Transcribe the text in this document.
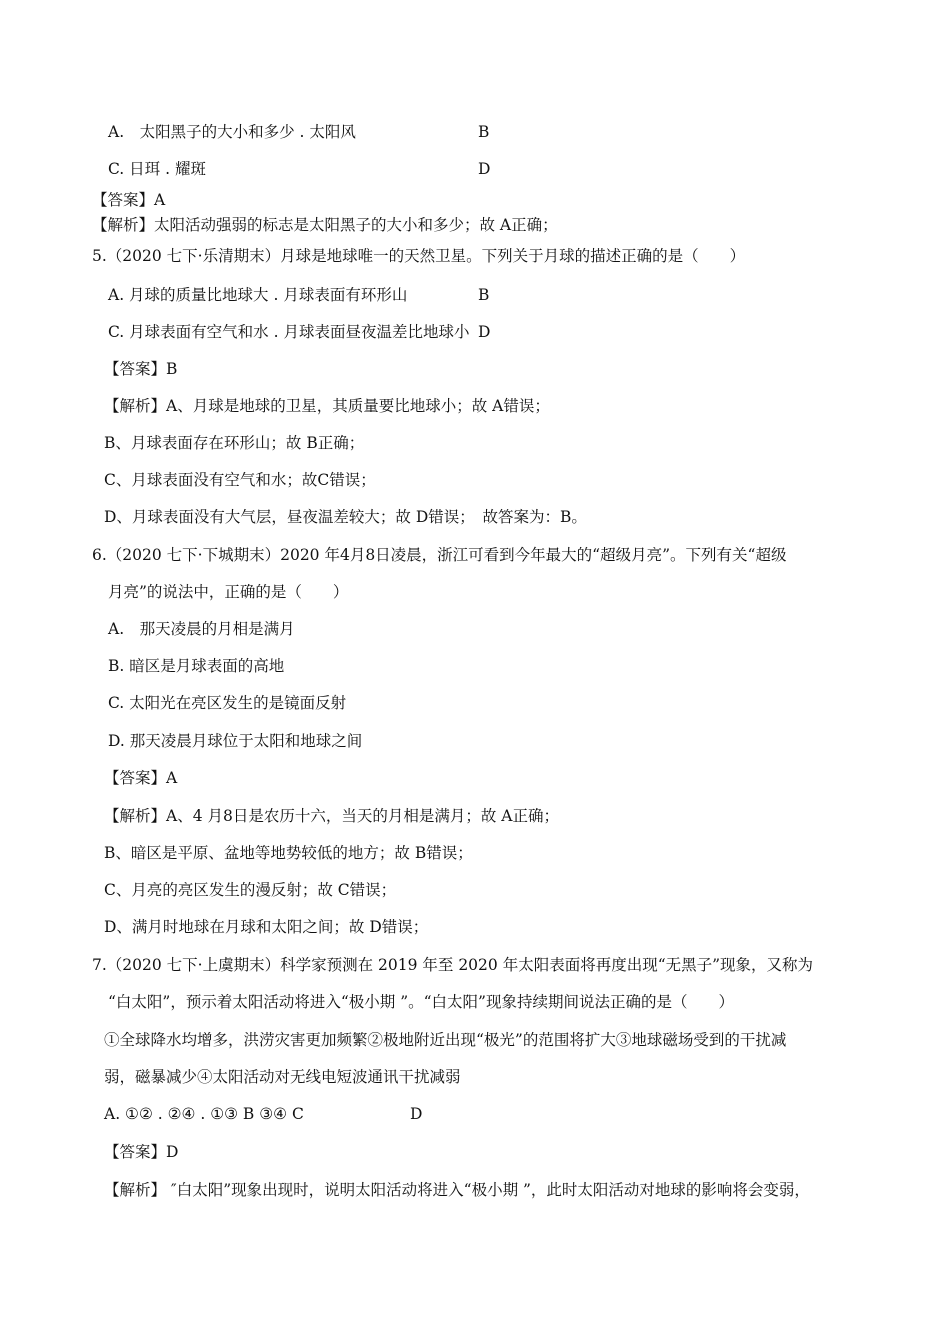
A.　太阳黑子的大小和多少 . 太阳风	B
C. 日珥 . 耀斑	D
【答案】A
【解析】太阳活动强弱的标志是太阳黑子的大小和多少；故 A正确；
5.（2020 七下·乐清期末）月球是地球唯一的天然卫星。下列关于月球的描述正确的是（　　）
A. 月球的质量比地球大 . 月球表面有环形山	B
C. 月球表面有空气和水 . 月球表面昼夜温差比地球小 D
【答案】B
【解析】A、月球是地球的卫星，其质量要比地球小；故 A错误；
B、月球表面存在环形山；故 B正确；
C、月球表面没有空气和水；故C错误；
D、月球表面没有大气层，昼夜温差较大；故 D错误；　故答案为：B。
6.（2020 七下·下城期末）2020 年4月8日凌晨，浙江可看到今年最大的“超级月亮”。下列有关“超级
月亮”的说法中，正确的是（　　）
A.　那天凌晨的月相是满月
B. 暗区是月球表面的高地
C. 太阳光在亮区发生的是镜面反射
D. 那天凌晨月球位于太阳和地球之间
【答案】A
【解析】A、4 月8日是农历十六，当天的月相是满月；故 A正确；
B、暗区是平原、盆地等地势较低的地方；故 B错误；
C、月亮的亮区发生的漫反射；故 C错误；
D、满月时地球在月球和太阳之间；故 D错误；
7.（2020 七下·上虞期末）科学家预测在 2019 年至 2020 年太阳表面将再度出现“无黑子”现象，又称为
“白太阳”，预示着太阳活动将进入“极小期 ”。“白太阳”现象持续期间说法正确的是（　　）
①全球降水均增多，洪涝灾害更加频繁②极地附近出现“极光”的范围将扩大③地球磁场受到的干扰减
弱，磁暴减少④太阳活动对无线电短波通讯干扰减弱
A. ①② . ②④ . ①③ B ③④ C	D
【答案】D
【解析】 ″白太阳”现象出现时，说明太阳活动将进入“极小期 ”，此时太阳活动对地球的影响将会变弱，
